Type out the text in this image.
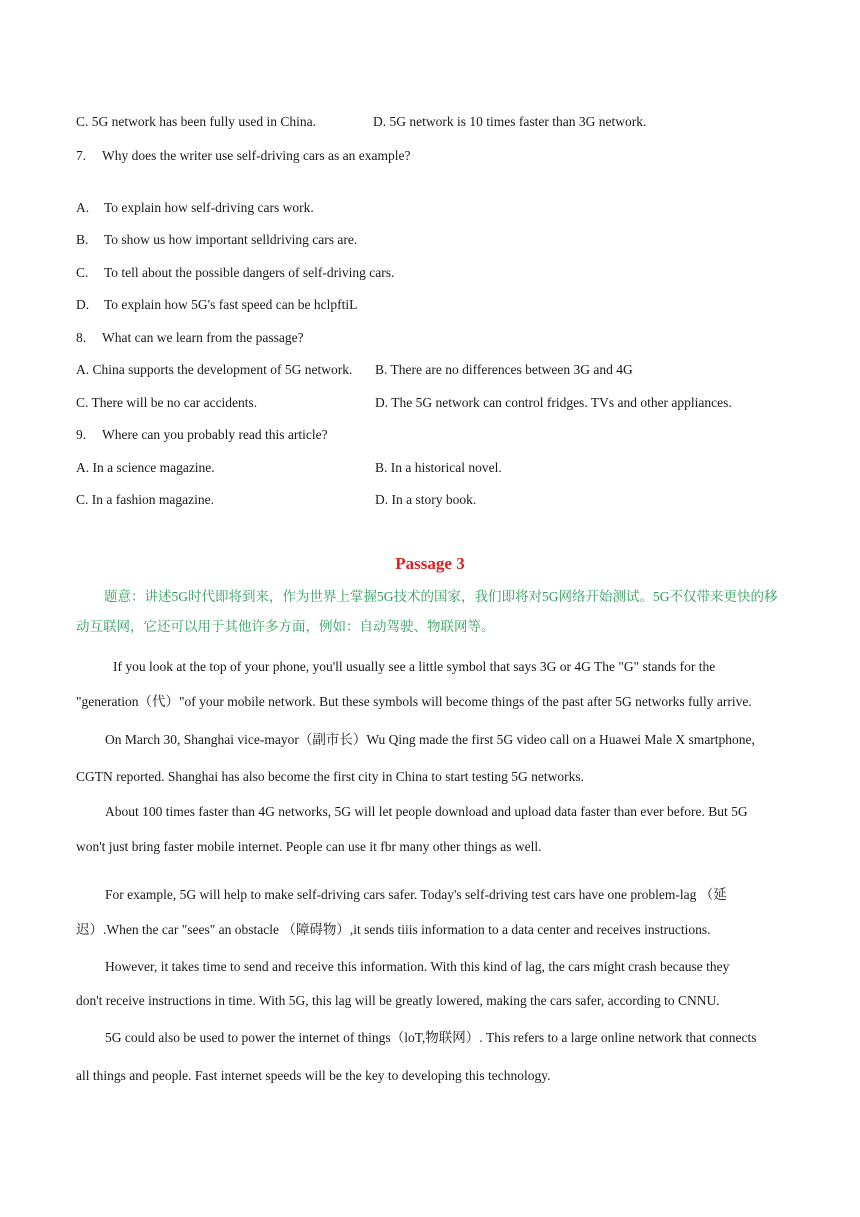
C. 5G network has been fully used in China.	D. 5G network is 10 times faster than 3G network.
7. Why does the writer use self-driving cars as an example?
A. To explain how self-driving cars work.
B. To show us how important selldriving cars are.
C. To tell about the possible dangers of self-driving cars.
D. To explain how 5G's fast speed can be hclpftiL
8. What can we learn from the passage?
A. China supports the development of 5G network. B. There are no differences between 3G and 4G
C. There will be no car accidents.	D. The 5G network can control fridges. TVs and other appliances.
9. Where can you probably read this article?
A. In a science magazine.	B. In a historical novel.
C. In a fashion magazine.	D. In a story book.
Passage 3
题意：讲述5G时代即将到来，作为世界上掌握5G技术的国家，我们即将对5G网络开始测试。5G不仅带来更快的移动互联网，它还可以用于其他许多方面，例如：自动驾驶、物联网等。
If you look at the top of your phone, you'll usually see a little symbol that says 3G or 4G The "G" stands for the
"generation（代）"of your mobile network. But these symbols will become things of the past after 5G networks fully arrive.
On March 30, Shanghai vice-mayor（副市长）Wu Qing made the first 5G video call on a Huawei Male X smartphone,
CGTN reported. Shanghai has also become the first city in China to start testing 5G networks.
About 100 times faster than 4G networks, 5G will let people download and upload data faster than ever before. But 5G
won't just bring faster mobile internet. People can use it fbr many other things as well.
For example, 5G will help to make self-driving cars safer. Today's self-driving test cars have one problem-lag （延
迟）.When the car "sees" an obstacle （障碍物）,it sends tiiis information to a data center and receives instructions.
However, it takes time to send and receive this information. With this kind of lag, the cars might crash because they
don't receive instructions in time. With 5G, this lag will be greatly lowered, making the cars safer, according to CNNU.
5G could also be used to power the internet of things（loT,物联网）. This refers to a large online network that connects
all things and people. Fast internet speeds will be the key to developing this technology.
